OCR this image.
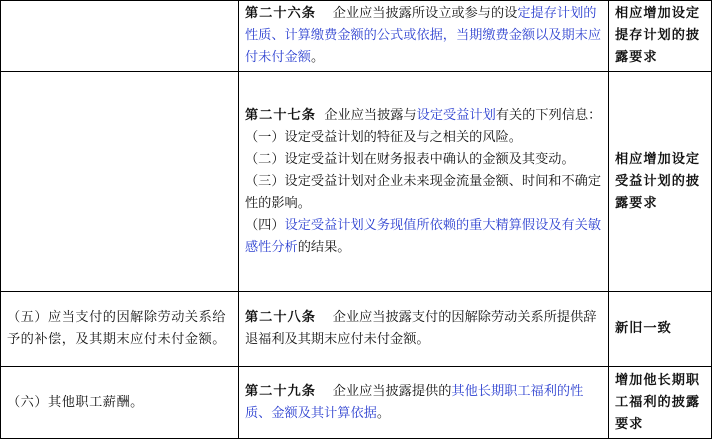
	第二十六条 企业应当披露所设立或参与的设定提存计划的性质、计算缴费金额的公式或依据，当期缴费金额以及期末应付未付金额。	相应增加设定提存计划的披露要求

	第二十七条 企业应当披露与设定受益计划有关的下列信息：
（一）设定受益计划的特征及与之相关的风险。
（二）设定受益计划在财务报表中确认的金额及其变动。
（三）设定受益计划对企业未来现金流量金额、时间和不确定性的影响。
（四）设定受益计划义务现值所依赖的重大精算假设及有关敏感性分析的结果。	相应增加设定受益计划的披露要求
（五）应当支付的因解除劳动关系给予的补偿，及其期末应付未付金额。	第二十八条 企业应当披露支付的因解除劳动关系所提供辞退福利及其期末应付未付金额。	新旧一致
（六）其他职工薪酬。	第二十九条 企业应当披露提供的其他长期职工福利的性质、金额及其计算依据。	增加他长期职工福利的披露要求
